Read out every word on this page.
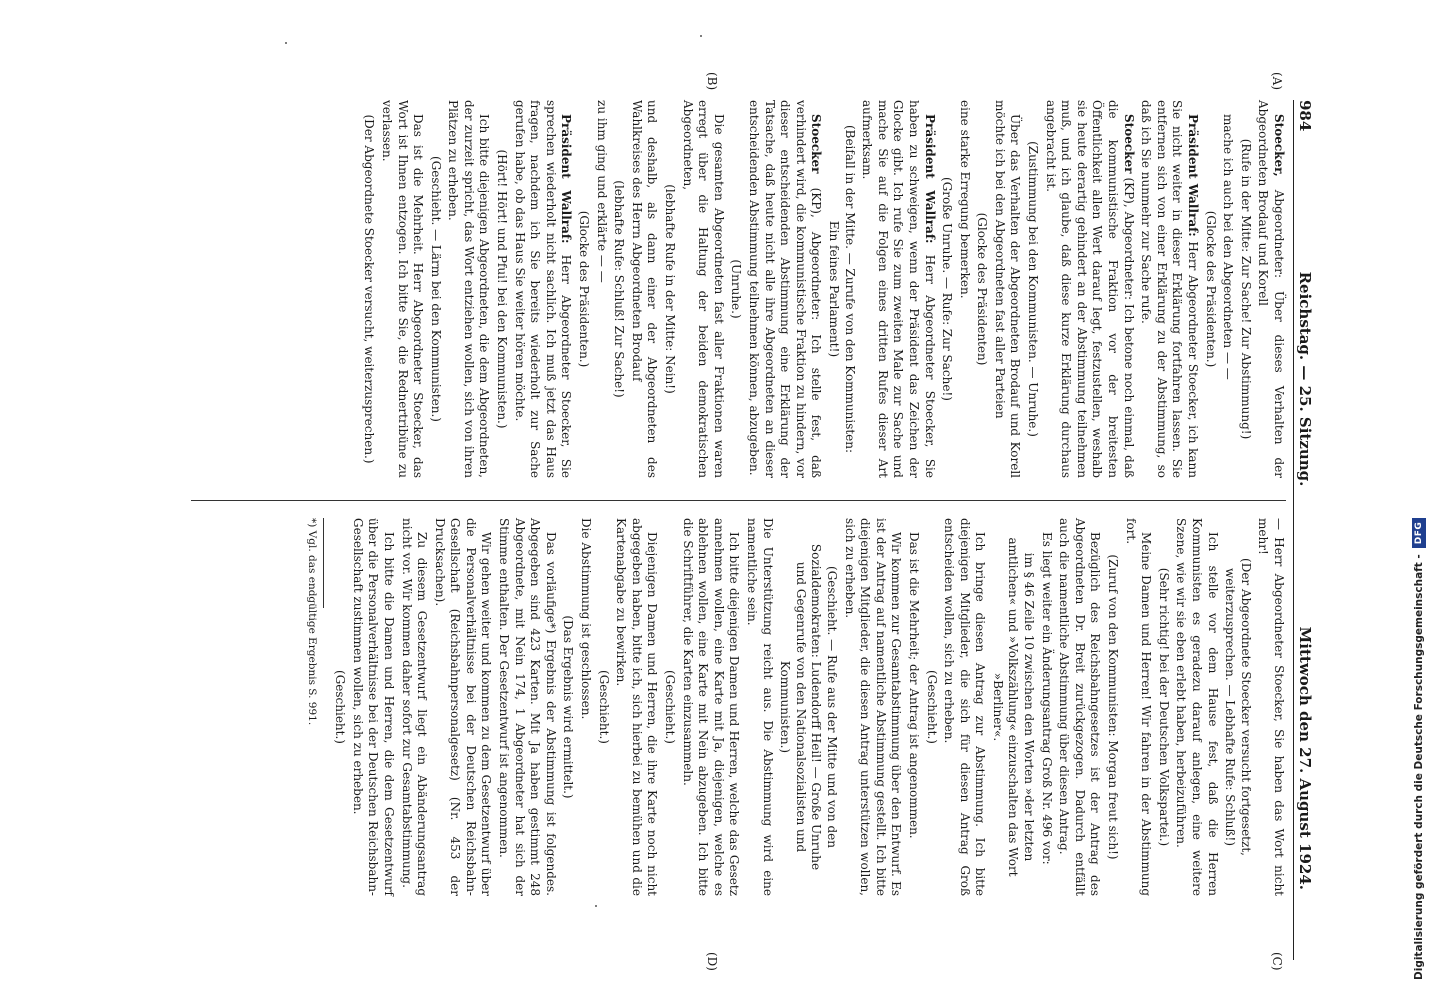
984
Reichstag. — 25. Sitzung.
Mittwoch den 27. August 1924.
(A)
(B)
(C)
(D)

Stoecker, Abgeordneter: Über dieses Verhalten der Abgeordneten Brodauf und Korell

(Rufe in der Mitte: Zur Sache! Zur Abstimmung!)

mache ich auch bei den Abgeordneten — —

(Glocke des Präsidenten.)

Präsident Wallraf: Herr Abgeordneter Stoecker, ich kann Sie nicht weiter in dieser Erklärung fortfahren lassen. Sie entfernen sich von einer Erklärung zu der Abstimmung, so daß ich Sie nunmehr zur Sache rufe.

Stoecker (KP), Abgeordneter: Ich betone noch einmal, daß die kommunistische Fraktion vor der breitesten Öffentlichkeit allen Wert darauf legt, festzustellen, weshalb sie heute derartig gehindert an der Abstimmung teilnehmen muß, und ich glaube, daß diese kurze Erklärung durchaus angebracht ist.

(Zustimmung bei den Kommunisten. — Unruhe.)

Über das Verhalten der Abgeordneten Brodauf und Korell möchte ich bei den Abgeordneten fast aller Parteien

(Glocke des Präsidenten)

eine starke Erregung bemerken.

(Große Unruhe. — Rufe: Zur Sache!)

Präsident Wallraf: Herr Abgeordneter Stoecker, Sie haben zu schweigen, wenn der Präsident das Zeichen der Glocke gibt. Ich rufe Sie zum zweiten Male zur Sache und mache Sie auf die Folgen eines dritten Rufes dieser Art aufmerksam.

(Beifall in der Mitte. — Zurufe von den Kommunisten: Ein feines Parlament!)

Stoecker (KP), Abgeordneter: Ich stelle fest, daß verhindert wird, die kommunistische Fraktion zu hindern, vor dieser entscheidenden Abstimmung eine Erklärung der Tatsache, daß heute nicht alle ihre Abgeordneten an dieser entscheidenden Abstimmung teilnehmen können, abzugeben.

(Unruhe.)

Die gesamten Abgeordneten fast aller Fraktionen waren erregt über die Haltung der beiden demokratischen Abgeordneten,

(lebhafte Rufe in der Mitte: Nein!)

und deshalb, als dann einer der Abgeordneten des Wahlkreises des Herrn Abgeordneten Brodauf

(lebhafte Rufe: Schluß! Zur Sache!)

zu ihm ging und erklärte — —

(Glocke des Präsidenten.)

Präsident Wallraf: Herr Abgeordneter Stoecker, Sie sprechen wiederholt nicht sachlich. Ich muß jetzt das Haus fragen, nachdem ich Sie bereits wiederholt zur Sache gerufen habe, ob das Haus Sie weiter hören möchte.

(Hört! Hört! und Pfui! bei den Kommunisten.)

Ich bitte diejenigen Abgeordneten, die dem Abgeordneten, der zurzeit spricht, das Wort entziehen wollen, sich von ihren Plätzen zu erheben.

(Geschieht. — Lärm bei den Kommunisten.)

Das ist die Mehrheit. Herr Abgeordneter Stoecker, das Wort ist Ihnen entzogen. Ich bitte Sie, die Rednertribüne zu verlassen.

(Der Abgeordnete Stoecker versucht, weiterzusprechen.)

— Herr Abgeordneter Stoecker, Sie haben das Wort nicht mehr!

(Der Abgeordnete Stoecker versucht fortgesetzt, weiterzusprechen. — Lebhafte Rufe: Schluß!)

Ich stelle vor dem Hause fest, daß die Herren Kommunisten es geradezu darauf anlegen, eine weitere Szene, wie wir sie eben erlebt haben, herbeizuführen.

(Sehr richtig! bei der Deutschen Volkspartei.)

Meine Damen und Herren! Wir fahren in der Abstimmung fort.

(Zuruf von den Kommunisten: Morgan freut sich!)

Bezüglich des Reichsbahngesetzes ist der Antrag des Abgeordneten Dr. Breit zurückgezogen. Dadurch entfällt auch die namentliche Abstimmung über diesen Antrag.

Es liegt weiter ein Änderungsantrag Groß Nr. 496 vor:

im § 46 Zeile 10 zwischen den Worten »der letzten amtlichen« und »Volkszählung« einzuschalten das Wort »Berliner«.

Ich bringe diesen Antrag zur Abstimmung. Ich bitte diejenigen Mitglieder, die sich für diesen Antrag Groß entscheiden wollen, sich zu erheben.

(Geschieht.)

Das ist die Mehrheit; der Antrag ist angenommen.

Wir kommen zur Gesamtabstimmung über den Entwurf. Es ist der Antrag auf namentliche Abstimmung gestellt. Ich bitte diejenigen Mitglieder, die diesen Antrag unterstützen wollen, sich zu erheben.

(Geschieht. — Rufe aus der Mitte und von den Sozialdemokraten: Ludendorff Heil! — Große Unruhe und Gegenrufe von den Nationalsozialisten und Kommunisten.)

Die Unterstützung reicht aus. Die Abstimmung wird eine namentliche sein.

Ich bitte diejenigen Damen und Herren, welche das Gesetz annehmen wollen, eine Karte mit Ja, diejenigen, welche es ablehnen wollen, eine Karte mit Nein abzugeben. Ich bitte die Schriftführer, die Karten einzusammeln.

(Geschieht.)

Diejenigen Damen und Herren, die ihre Karte noch nicht abgegeben haben, bitte ich, sich hierbei zu bemühen und die Kartenabgabe zu bewirken.

(Geschieht.)

Die Abstimmung ist geschlossen.

(Das Ergebnis wird ermittelt.)

Das vorläufige*) Ergebnis der Abstimmung ist folgendes. Abgegeben sind 423 Karten. Mit Ja haben gestimmt 248 Abgeordnete, mit Nein 174, 1 Abgeordneter hat sich der Stimme enthalten. Der Gesetzentwurf ist angenommen.

Wir gehen weiter und kommen zu dem Gesetzentwurf über die Personalverhältnisse bei der Deutschen Reichsbahn-Gesellschaft (Reichsbahnpersonalgesetz) (Nr. 453 der Drucksachen).

Zu diesem Gesetzentwurf liegt ein Abänderungsantrag nicht vor. Wir kommen daher sofort zur Gesamtabstimmung.

Ich bitte die Damen und Herren, die dem Gesetzentwurf über die Personalverhältnisse bei der Deutschen Reichsbahn-Gesellschaft zustimmen wollen, sich zu erheben.

(Geschieht.)

*) Vgl. das endgültige Ergebnis S. 991.	Digitalisierung gefördert durch die Deutsche Forschungsgemeinschaft -
DFG
